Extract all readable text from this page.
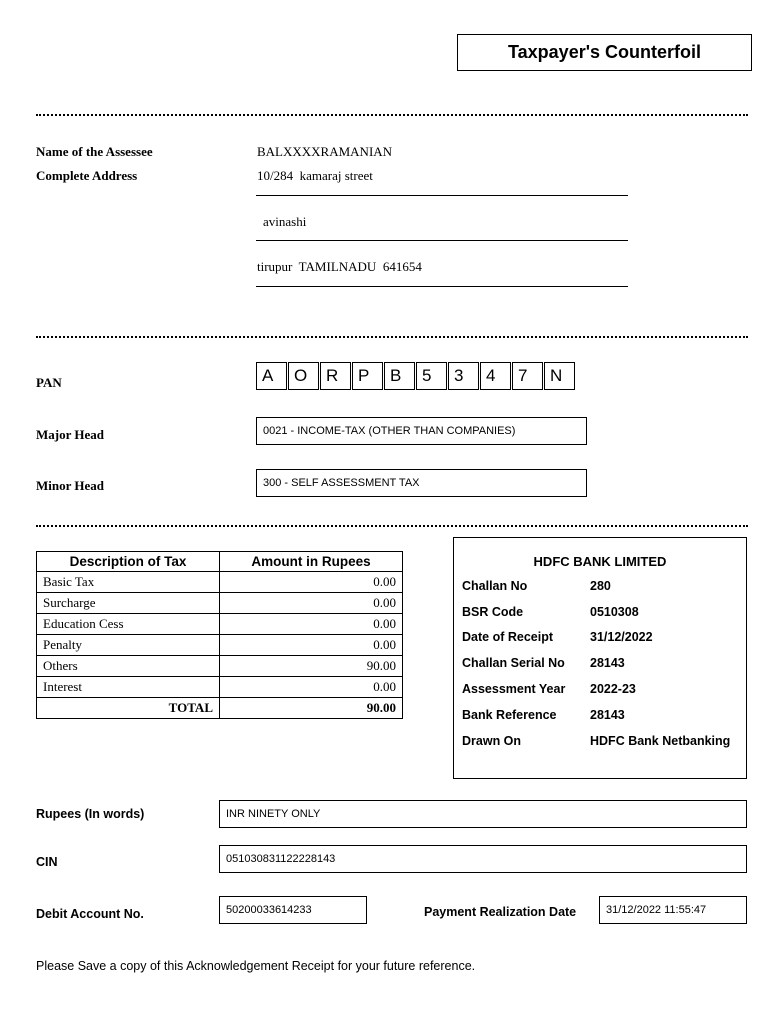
Taxpayer's Counterfoil
Name of the Assessee	BALXXXXRAMANIAN
Complete Address	10/284  kamaraj street
avinashi
tirupur  TAMILNADU  641654
PAN	A	O	R	P	B	5	3	4	7	N
Major Head	0021 - INCOME-TAX (OTHER THAN COMPANIES)
Minor Head	300 - SELF ASSESSMENT TAX
Description of Tax	Amount in Rupees
Basic Tax	0.00
Surcharge	0.00
Education Cess	0.00
Penalty	0.00
Others	90.00
Interest	0.00
TOTAL	90.00
HDFC BANK LIMITED
Challan No	280
BSR Code	0510308
Date of Receipt	31/12/2022
Challan Serial No 28143
Assessment Year 2022-23
Bank Reference	28143
Drawn On	HDFC Bank Netbanking
Rupees (In words)	INR NINETY ONLY
CIN	051030831122228143
Debit Account No.	50200033614233	Payment Realization Date	31/12/2022 11:55:47
Please Save a copy of this Acknowledgement Receipt for your future reference.
